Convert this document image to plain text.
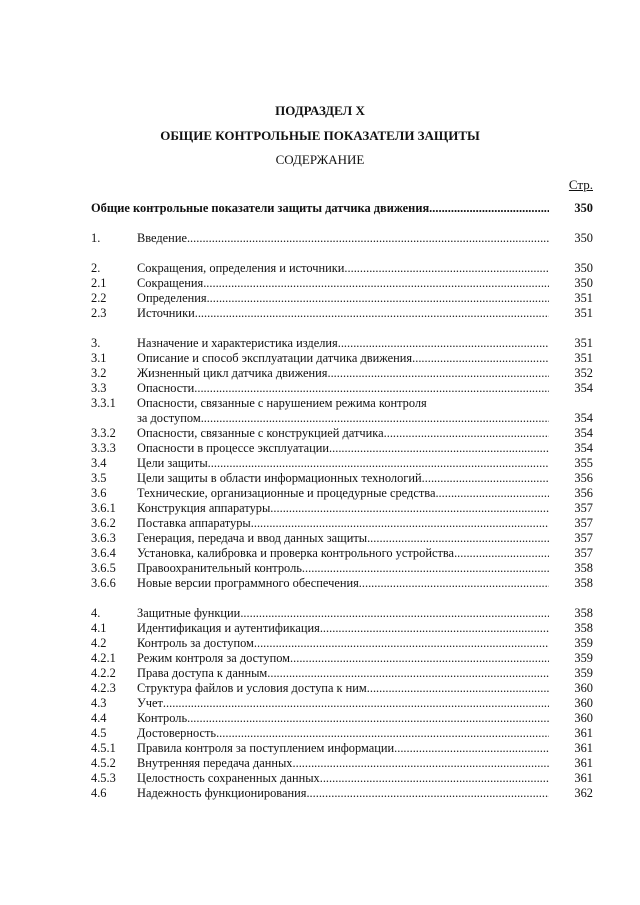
ПОДРАЗДЕЛ X
ОБЩИЕ КОНТРОЛЬНЫЕ ПОКАЗАТЕЛИ ЗАЩИТЫ
СОДЕРЖАНИЕ
Стр.
Общие контрольные показатели защиты датчика движения .....	350
1.	Введение .....	350
2.	Сокращения, определения и источники .....	350
2.1	Сокращения .....	350
2.2	Определения .....	351
2.3	Источники .....	351
3.	Назначение и характеристика изделия .....	351
3.1	Описание и способ эксплуатации датчика движения .....	351
3.2	Жизненный цикл датчика движения .....	352
3.3	Опасности .....	354
3.3.1	Опасности, связанные с нарушением режима контроля
за доступом .....	354
3.3.2	Опасности, связанные с конструкцией датчика .....	354
3.3.3	Опасности в процессе эксплуатации .....	354
3.4	Цели защиты .....	355
3.5	Цели защиты в области информационных технологий .....	356
3.6	Технические, организационные и процедурные средства .....	356
3.6.1	Конструкция аппаратуры .....	357
3.6.2	Поставка аппаратуры .....	357
3.6.3	Генерация, передача и ввод данных защиты .....	357
3.6.4	Установка, калибровка и проверка контрольного устройства .....	357
3.6.5	Правоохранительный контроль .....	358
3.6.6	Новые версии программного обеспечения .....	358
4.	Защитные функции .....	358
4.1	Идентификация и аутентификация .....	358
4.2	Контроль за доступом .....	359
4.2.1	Режим контроля за доступом .....	359
4.2.2	Права доступа к данным .....	359
4.2.3	Структура файлов и условия доступа к ним .....	360
4.3	Учет .....	360
4.4	Контроль .....	360
4.5	Достоверность .....	361
4.5.1	Правила контроля за поступлением информации .....	361
4.5.2	Внутренняя передача данных .....	361
4.5.3	Целостность сохраненных данных .....	361
4.6	Надежность функционирования .....	362
